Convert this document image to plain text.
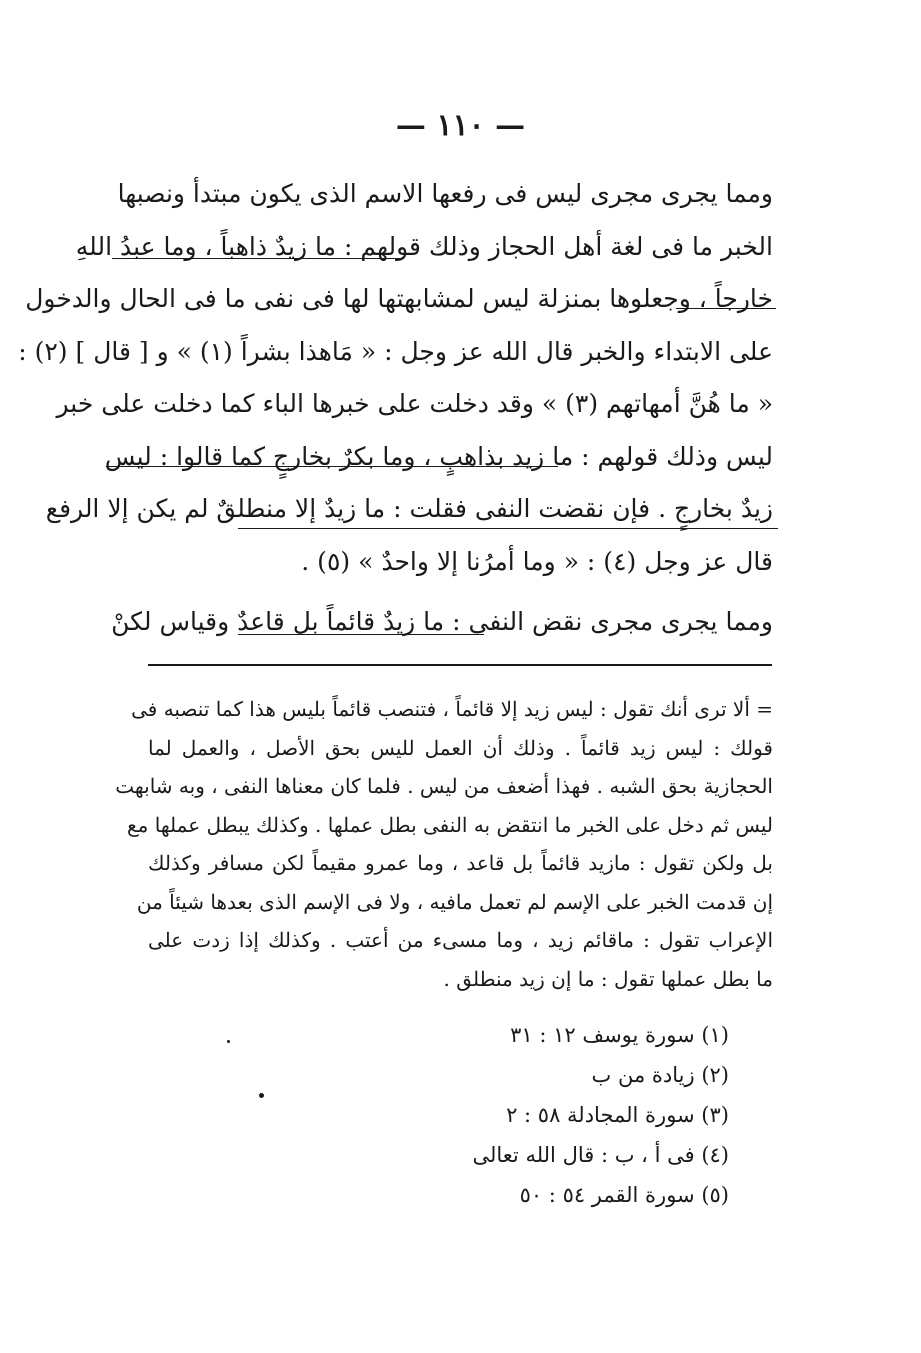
— ١١٠ —
ومما يجرى مجرى ليس فى رفعها الاسم الذى يكون مبتدأ ونصبها
الخبر ما فى لغة أهل الحجاز وذلك قولهم : ما زيدٌ ذاهباً ، وما عبدُ اللهِ
خارجاً ، وجعلوها بمنزلة ليس لمشابهتها لها فى نفى ما فى الحال والدخول
على الابتداء والخبر قال الله عز وجل : « مَاهذا بشراً (١) » و [ قال ] (٢) :
« ما هُنَّ أمهاتهم (٣) » وقد دخلت على خبرها الباء كما دخلت على خبر
ليس وذلك قولهم : ما زيد بذاهبٍ ، وما بكرٌ بخارجٍ كما قالوا : ليس
زيدٌ بخارجٍ . فإن نقضت النفى فقلت : ما زيدٌ إلا منطلقٌ لم يكن إلا الرفع
قال عز وجل (٤) : « وما أمرُنا إلا واحدٌ » (٥) .
ومما يجرى مجرى نقض النفى : ما زيدٌ قائماً بل قاعدٌ وقياس لكنْ
= ألا ترى أنك تقول : ليس زيد إلا قائماً ، فتنصب قائماً بليس هذا كما تنصبه فى
قولك : ليس زيد قائماً . وذلك أن العمل لليس بحق الأصل ، والعمل لما
الحجازية بحق الشبه . فهذا أضعف من ليس . فلما كان معناها النفى ، وبه شابهت
ليس ثم دخل على الخبر ما انتقض به النفى بطل عملها . وكذلك يبطل عملها مع
بل ولكن تقول : مازيد قائماً بل قاعد ، وما عمرو مقيماً لكن مسافر وكذلك
إن قدمت الخبر على الإسم لم تعمل مافيه ، ولا فى الإسم الذى بعدها شيئاً من
الإعراب تقول : ماقائم زيد ، وما مسىء من أعتب . وكذلك إذا زدت على
ما بطل عملها تقول : ما إن زيد منطلق .
(١) سورة يوسف ١٢ : ٣١
(٢) زيادة من ب
(٣) سورة المجادلة ٥٨ : ٢
(٤) فى أ ، ب : قال الله تعالى
(٥) سورة القمر ٥٤ : ٥٠
